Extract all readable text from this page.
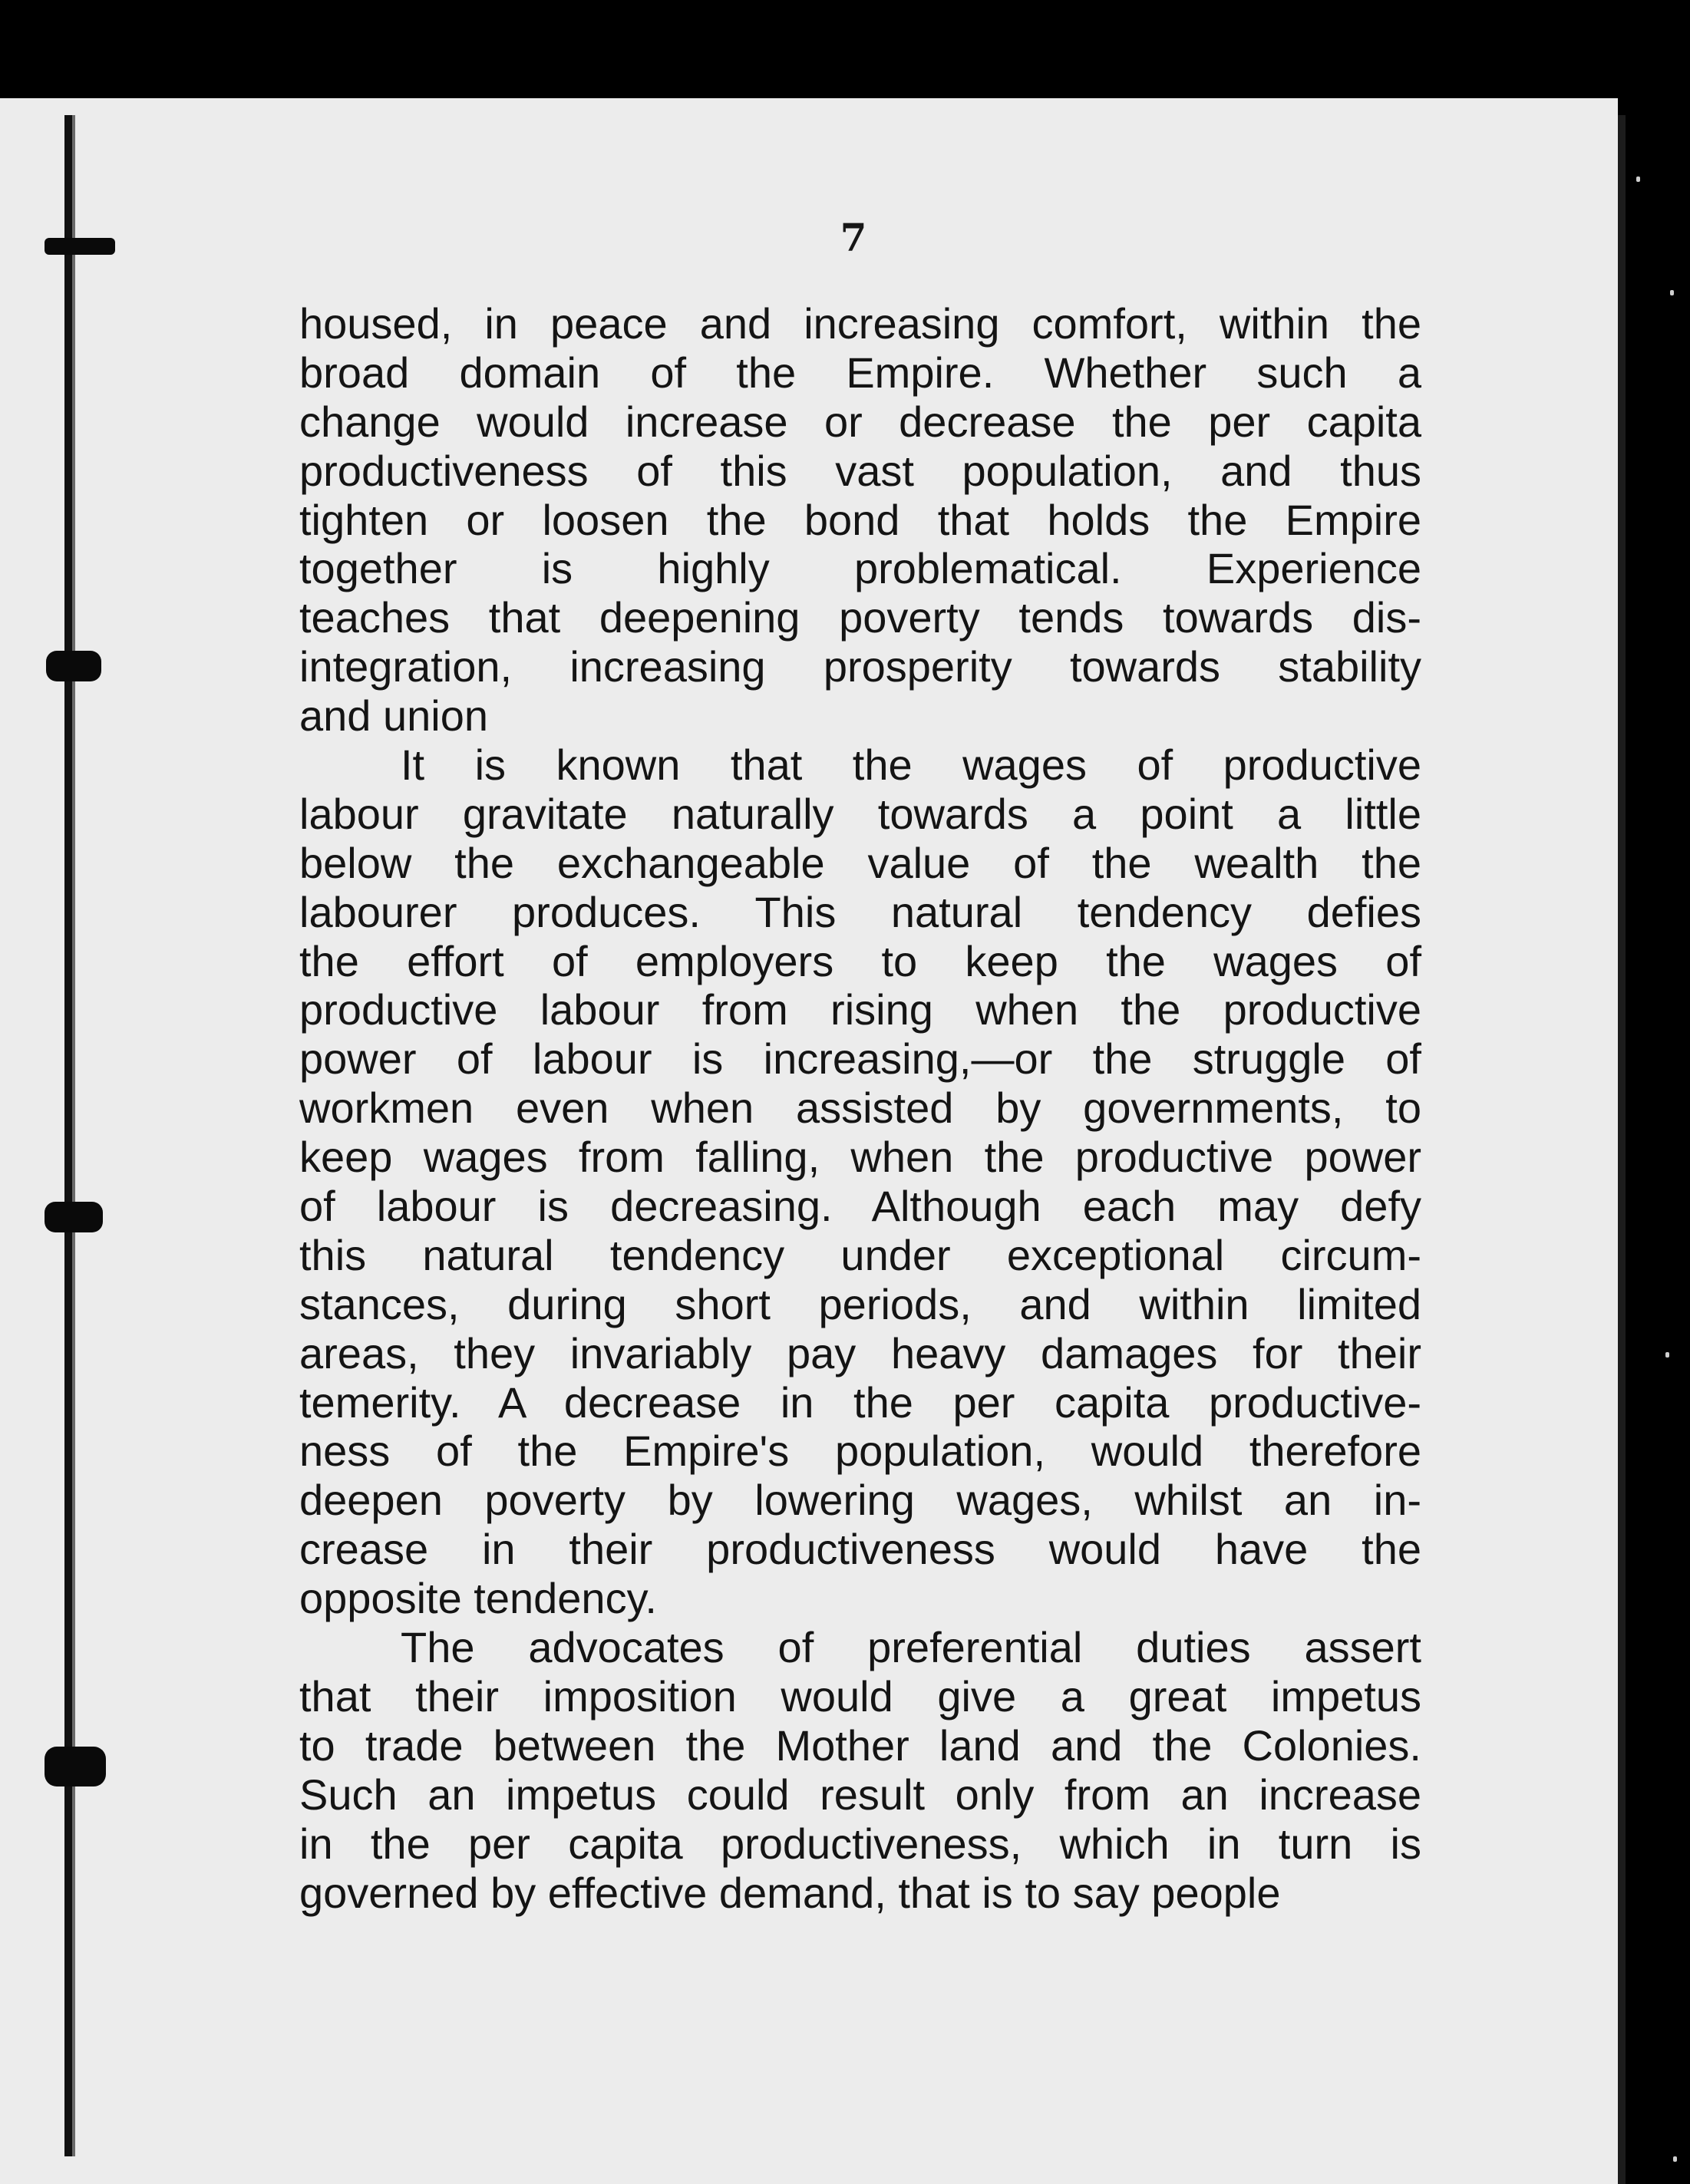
7
housed, in peace and increasing comfort, within the
broad domain of the Empire. Whether such a
change would increase or decrease the per capita
productiveness of this vast population, and thus
tighten or loosen the bond that holds the Empire
together is highly problematical. Experience
teaches that deepening poverty tends towards dis-
integration, increasing prosperity towards stability
and union
It is known that the wages of productive
labour gravitate naturally towards a point a little
below the exchangeable value of the wealth the
labourer produces. This natural tendency defies
the effort of employers to keep the wages of
productive labour from rising when the productive
power of labour is increasing,—or the struggle of
workmen even when assisted by governments, to
keep wages from falling, when the productive power
of labour is decreasing. Although each may defy
this natural tendency under exceptional circum-
stances, during short periods, and within limited
areas, they invariably pay heavy damages for their
temerity. A decrease in the per capita productive-
ness of the Empire's population, would therefore
deepen poverty by lowering wages, whilst an in-
crease in their productiveness would have the
opposite tendency.
The advocates of preferential duties assert
that their imposition would give a great impetus
to trade between the Mother land and the Colonies.
Such an impetus could result only from an increase
in the per capita productiveness, which in turn is
governed by effective demand, that is to say people
